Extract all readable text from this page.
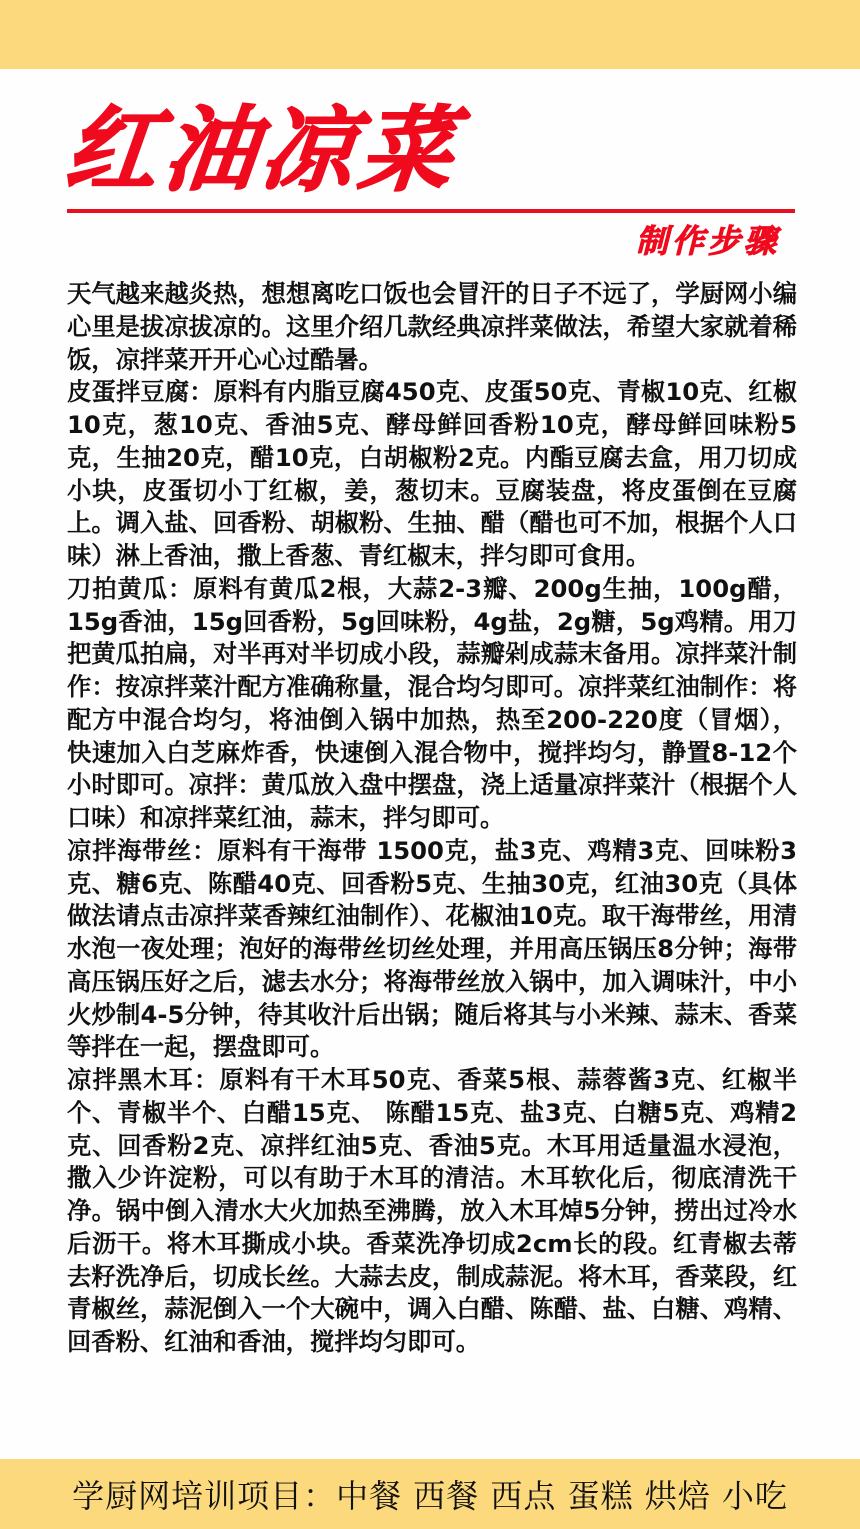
红油凉菜
制作步骤

天气越来越炎热，想想离吃口饭也会冒汗的日子不远了，学厨网小编心里是拔凉拔凉的。这里介绍几款经典凉拌菜做法，希望大家就着稀饭，凉拌菜开开心心过酷暑。

皮蛋拌豆腐：原料有内脂豆腐450克、皮蛋50克、青椒10克、红椒10克，葱10克、香油5克、酵母鲜回香粉10克，酵母鲜回味粉5克，生抽20克，醋10克，白胡椒粉2克。内酯豆腐去盒，用刀切成小块，皮蛋切小丁红椒，姜，葱切末。豆腐装盘，将皮蛋倒在豆腐上。调入盐、回香粉、胡椒粉、生抽、醋（醋也可不加，根据个人口味）淋上香油，撒上香葱、青红椒末，拌匀即可食用。

刀拍黄瓜：原料有黄瓜2根，大蒜2-3瓣、200g生抽，100g醋，15g香油，15g回香粉，5g回味粉，4g盐，2g糖，5g鸡精。用刀把黄瓜拍扁，对半再对半切成小段，蒜瓣剁成蒜末备用。凉拌菜汁制作：按凉拌菜汁配方准确称量，混合均匀即可。凉拌菜红油制作：将配方中混合均匀，将油倒入锅中加热，热至200-220度（冒烟），快速加入白芝麻炸香，快速倒入混合物中，搅拌均匀，静置8-12个小时即可。凉拌：黄瓜放入盘中摆盘，浇上适量凉拌菜汁（根据个人口味）和凉拌菜红油，蒜末，拌匀即可。

凉拌海带丝：原料有干海带 1500克，盐3克、鸡精3克、回味粉3克、糖6克、陈醋40克、回香粉5克、生抽30克，红油30克（具体做法请点击凉拌菜香辣红油制作）、花椒油10克。取干海带丝，用清水泡一夜处理；泡好的海带丝切丝处理，并用高压锅压8分钟；海带高压锅压好之后，滤去水分；将海带丝放入锅中，加入调味汁，中小火炒制4-5分钟，待其收汁后出锅；随后将其与小米辣、蒜末、香菜等拌在一起，摆盘即可。

凉拌黑木耳：原料有干木耳50克、香菜5根、蒜蓉酱3克、红椒半个、青椒半个、白醋15克、 陈醋15克、盐3克、白糖5克、鸡精2克、回香粉2克、凉拌红油5克、香油5克。木耳用适量温水浸泡，撒入少许淀粉，可以有助于木耳的清洁。木耳软化后，彻底清洗干净。锅中倒入清水大火加热至沸腾，放入木耳焯5分钟，捞出过冷水后沥干。将木耳撕成小块。香菜洗净切成2cm长的段。红青椒去蒂去籽洗净后，切成长丝。大蒜去皮，制成蒜泥。将木耳，香菜段，红青椒丝，蒜泥倒入一个大碗中，调入白醋、陈醋、盐、白糖、鸡精、回香粉、红油和香油，搅拌均匀即可。

学厨网培训项目：中餐 西餐 西点 蛋糕 烘焙 小吃
